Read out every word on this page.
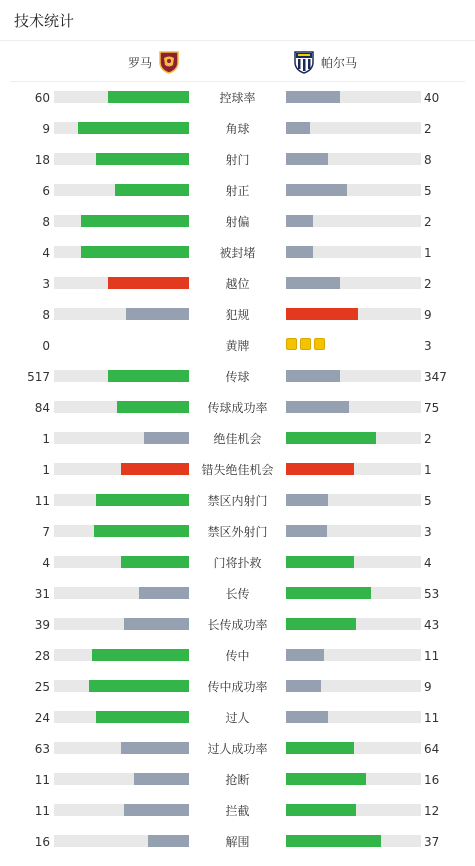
技术统计
罗马	帕尔马
60	控球率	40
9	角球	2
18	射门	8
6	射正	5
8	射偏	2
4	被封堵	1
3	越位	2
8	犯规	9
0	黄牌	3
517	传球	347
84	传球成功率	75
1	绝佳机会	2
1	错失绝佳机会	1
11	禁区内射门	5
7	禁区外射门	3
4	门将扑救	4
31	长传	53
39	长传成功率	43
28	传中	11
25	传中成功率	9
24	过人	11
63	过人成功率	64
11	抢断	16
11	拦截	12
16	解围	37
